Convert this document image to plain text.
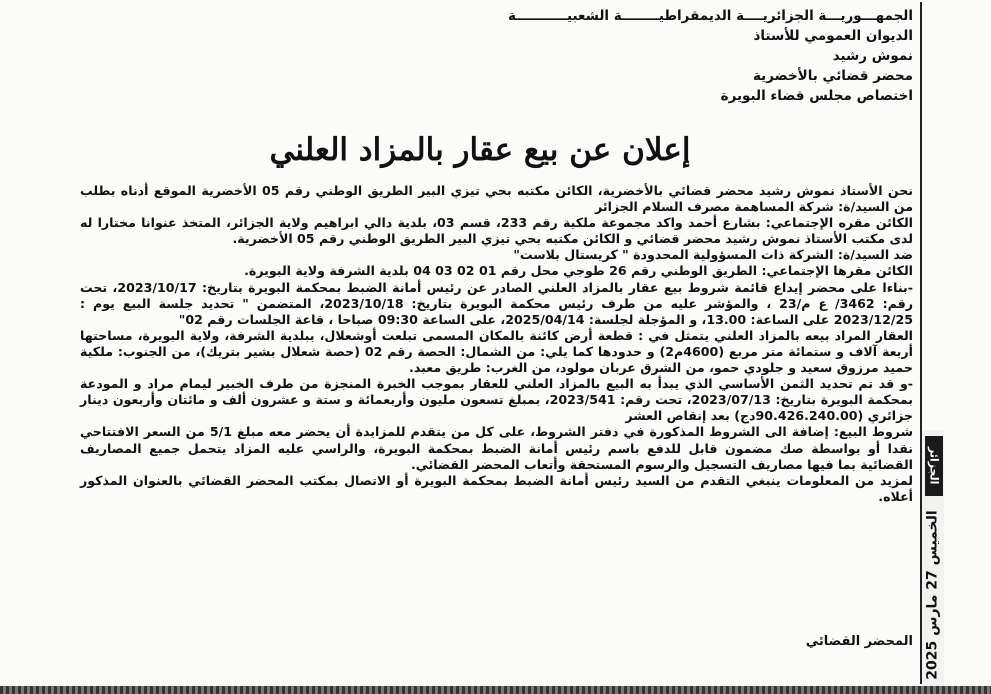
الجمهـــوريـــة الجزائريــــة الديمقراطيــــــــة الشعبيـــــــــــة
الديوان العمومي للأستاذ
نموش رشيد
محضر قضائي بالأخضرية
اختصاص مجلس قضاء البويرة
إعلان عن بيع عقار بالمزاد العلني

نحن الأستاذ نموش رشيد محضر قضائي بالأخضرية، الكائن مكتبه بحي تيزي البير الطريق الوطني رقم 05 الأخضرية الموقع أدناه بطلب من السيد/ة: شركة المساهمة مصرف السلام الجزائر

الكائن مقره الإجتماعي: بشارع أحمد واكد مجموعة ملكية رقم 233، قسم 03، بلدية دالي ابراهيم ولاية الجزائر، المتخذ عنوانا مختارا له لدى مكتب الأستاذ نموش رشيد محضر قضائي و الكائن مكتبه بحي تيزي البير الطريق الوطني رقم 05 الأخضرية.

ضد السيد/ة: الشركة ذات المسؤولية المحدودة " كريستال بلاست"

الكائن مقرها الإجتماعي: الطريق الوطني رقم 26 طوجي محل رقم 01 02 03 04 بلدية الشرفة ولاية البويرة.

-بناءا على محضر إيداع قائمة شروط بيع عقار بالمزاد العلني الصادر عن رئيس أمانة الضبط بمحكمة البويرة بتاريخ: 2023/10/17، تحت رقم: 3462/ ع م/23 ، والمؤشر عليه من طرف رئيس محكمة البويرة بتاريخ: 2023/10/18، المتضمن " تحديد جلسة البيع يوم : 2023/12/25 على الساعة: 13.00، و المؤجلة لجلسة: 2025/04/14، على الساعة 09:30 صباحا ، قاعة الجلسات رقم 02"

العقار المراد بيعه بالمزاد العلني يتمثل في : قطعة أرض كائنة بالمكان المسمى تبلعت أوشعلال، ببلدية الشرفة، ولاية البويرة، مساحتها أربعة آلاف و ستمائة متر مربع (4600م2) و حدودها كما يلي: من الشمال: الحصة رقم 02 (حصة شعلال بشير بتريك)، من الجنوب: ملكية حميد مرزوق سعيد و جلودي حمو، من الشرق عربان مولود، من الغرب: طريق معبد.

-و قد تم تحديد الثمن الأساسي الذي يبدأ به البيع بالمزاد العلني للعقار بموجب الخبرة المنجزة من طرف الخبير ليمام مراد و المودعة بمحكمة البويرة بتاريخ: 2023/07/13، تحت رقم: 2023/541، بمبلغ تسعون مليون وأربعمائة و ستة و عشرون ألف و مائتان وأربعون دينار جزائري (90.426.240.00دج) بعد إنقاص العشر

شروط البيع: إضافة الى الشروط المذكورة في دفتر الشروط، على كل من يتقدم للمزايدة أن يحضر معه مبلغ 5/1 من السعر الافتتاحي نقدا أو بواسطة صك مضمون قابل للدفع باسم رئيس أمانة الضبط بمحكمة البويرة، والراسي عليه المزاد يتحمل جميع المصاريف القضائية بما فيها مصاريف التسجيل والرسوم المستحقة وأتعاب المحضر القضائي.

لمزيد من المعلومات ينبغي التقدم من السيد رئيس أمانة الضبط بمحكمة البويرة أو الاتصال بمكتب المحضر القضائي بالعنوان المذكور أعلاه.

المحضر القضائي
الجزائر
الخميس 27 مارس 2025
